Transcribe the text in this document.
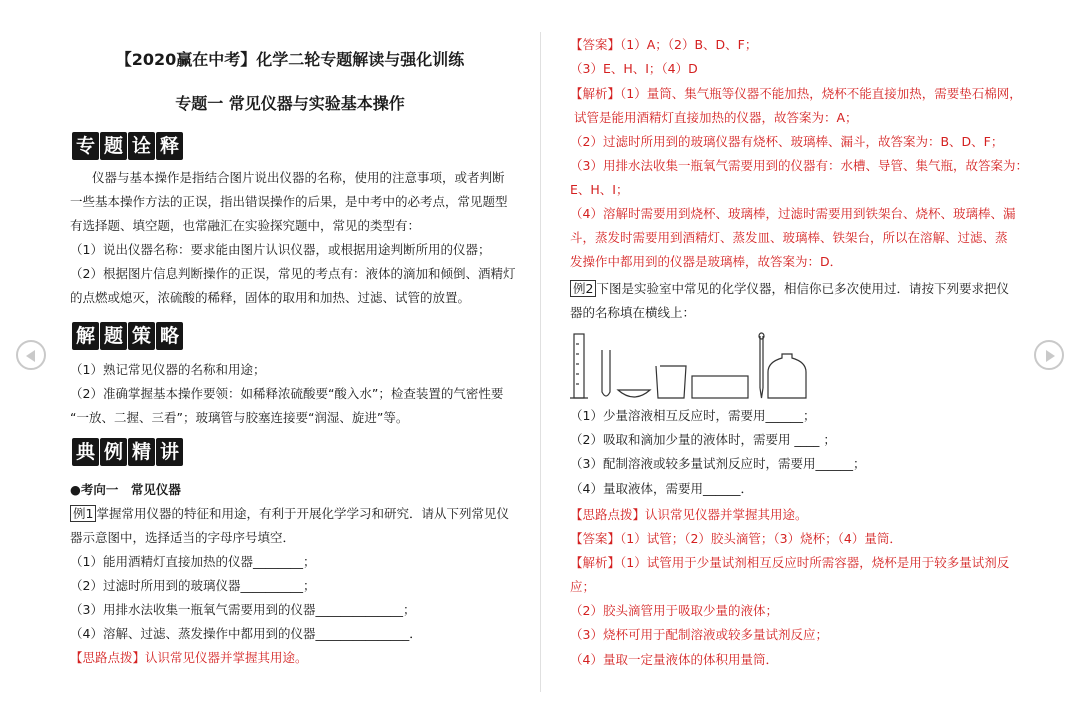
【2020赢在中考】化学二轮专题解读与强化训练
专题一 常见仪器与实验基本操作
专 题 诠 释

仪器与基本操作是指结合图片说出仪器的名称，使用的注意事项，或者判断

一些基本操作方法的正误，指出错误操作的后果，是中考中的必考点，常见题型

有选择题、填空题，也常融汇在实验探究题中，常见的类型有：

（1）说出仪器名称：要求能由图片认识仪器，或根据用途判断所用的仪器；

（2）根据图片信息判断操作的正误，常见的考点有：液体的滴加和倾倒、酒精灯

的点燃或熄灭，浓硫酸的稀释，固体的取用和加热、过滤、试管的放置。

（1）熟记常见仪器的名称和用途；

（2）准确掌握基本操作要领：如稀释浓硫酸要“酸入水”；检查装置的气密性要

“一放、二握、三看”；玻璃管与胶塞连接要“润湿、旋进”等。

●考向一　常见仪器

例1 掌握常用仪器的特征和用途，有利于开展化学学习和研究．请从下列常见仪

器示意图中，选择适当的字母序号填空．

（1）能用酒精灯直接加热的仪器________；

（2）过滤时所用到的玻璃仪器__________；

（3）用排水法收集一瓶氧气需要用到的仪器______________；

（4）溶解、过滤、蒸发操作中都用到的仪器_______________．

【思路点拨】认识常见仪器并掌握其用途。

解 题 策 略
典 例 精 讲

【答案】（1）A；（2）B、D、F；

（3）E、H、I；（4）D

【解析】（1）量筒、集气瓶等仪器不能加热，烧杯不能直接加热，需要垫石棉网，

试管是能用酒精灯直接加热的仪器，故答案为：A；

（2）过滤时所用到的玻璃仪器有烧杯、玻璃棒、漏斗，故答案为：B、D、F；

（3）用排水法收集一瓶氧气需要用到的仪器有：水槽、导管、集气瓶，故答案为：

E、H、I；

（4）溶解时需要用到烧杯、玻璃棒，过滤时需要用到铁架台、烧杯、玻璃棒、漏

斗，蒸发时需要用到酒精灯、蒸发皿、玻璃棒、铁架台，所以在溶解、过滤、蒸

发操作中都用到的仪器是玻璃棒，故答案为：D．

例2 下图是实验室中常见的化学仪器，相信你已多次使用过．请按下列要求把仪

器的名称填在横线上：

（1）少量溶液相互反应时，需要用______；

（2）吸取和滴加少量的液体时，需要用 ____ ；

（3）配制溶液或较多量试剂反应时，需要用______；

（4）量取液体，需要用______．

【思路点拨】认识常见仪器并掌握其用途。

【答案】（1）试管；（2）胶头滴管；（3）烧杯；（4）量筒．

【解析】（1）试管用于少量试剂相互反应时所需容器，烧杯是用于较多量试剂反

应；

（2）胶头滴管用于吸取少量的液体；

（3）烧杯可用于配制溶液或较多量试剂反应；

（4）量取一定量液体的体积用量筒．
